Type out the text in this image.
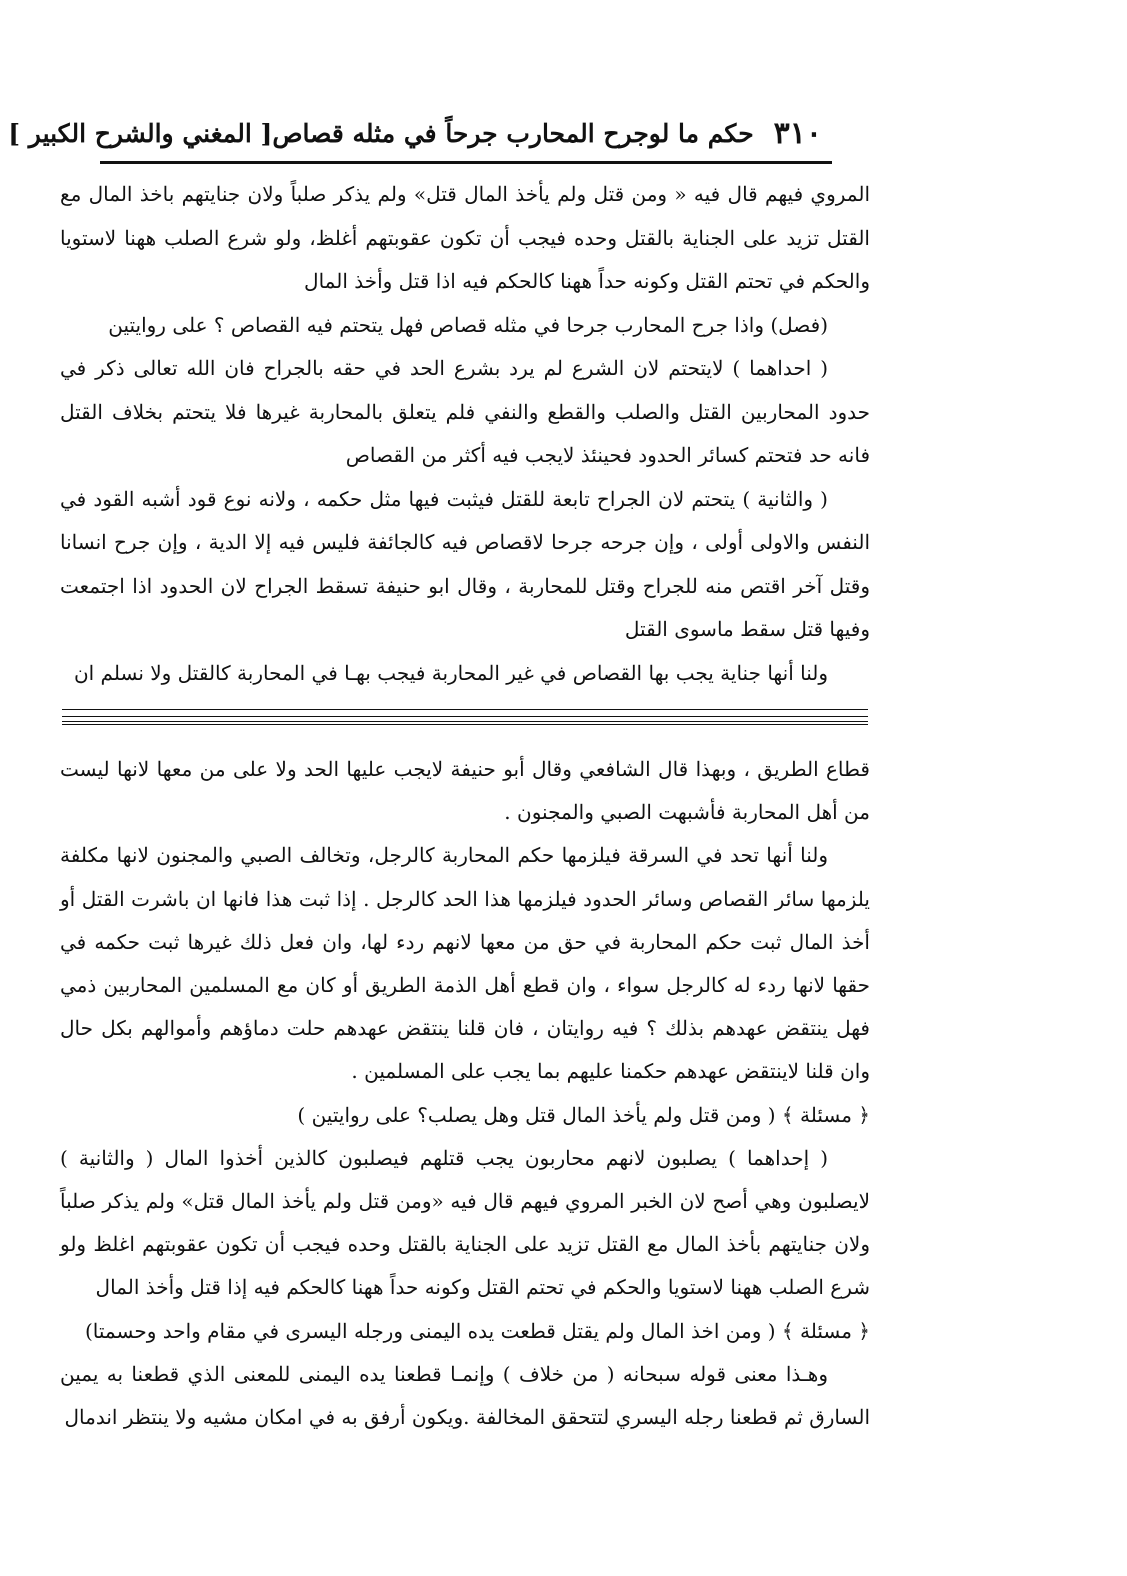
٣١٠
حكم ما لوجرح المحارب جرحاً في مثله قصاص
[ المغني والشرح الكبير ]

المروي فيهم قال فيه « ومن قتل ولم يأخذ المال قتل» ولم يذكر صلباً ولان جنايتهم باخذ المال مع القتل تزيد على الجناية بالقتل وحده فيجب أن تكون عقوبتهم أغلظ، ولو شرع الصلب ههنا لاستويا والحكم في تحتم القتل وكونه حداً ههنا كالحكم فيه اذا قتل وأخذ المال

(فصل) واذا جرح المحارب جرحا في مثله قصاص فهل يتحتم فيه القصاص ؟ على روايتين

( احداهما ) لايتحتم لان الشرع لم يرد بشرع الحد في حقه بالجراح فان الله تعالى ذكر في حدود المحاربين القتل والصلب والقطع والنفي فلم يتعلق بالمحاربة غيرها فلا يتحتم بخلاف القتل فانه حد فتحتم كسائر الحدود فحينئذ لايجب فيه أكثر من القصاص

( والثانية ) يتحتم لان الجراح تابعة للقتل فيثبت فيها مثل حكمه ، ولانه نوع قود أشبه القود في النفس والاولى أولى ، وإن جرحه جرحا لاقصاص فيه كالجائفة فليس فيه إلا الدية ، وإن جرح انسانا وقتل آخر اقتص منه للجراح وقتل للمحاربة ، وقال ابو حنيفة تسقط الجراح لان الحدود اذا اجتمعت وفيها قتل سقط ماسوى القتل

ولنا أنها جناية يجب بها القصاص في غير المحاربة فيجب بهـا في المحاربة كالقتل ولا نسلم ان

قطاع الطريق ، وبهذا قال الشافعي وقال أبو حنيفة لايجب عليها الحد ولا على من معها لانها ليست من أهل المحاربة فأشبهت الصبي والمجنون .

ولنا أنها تحد في السرقة فيلزمها حكم المحاربة كالرجل، وتخالف الصبي والمجنون لانها مكلفة يلزمها سائر القصاص وسائر الحدود فيلزمها هذا الحد كالرجل . إذا ثبت هذا فانها ان باشرت القتل أو أخذ المال ثبت حكم المحاربة في حق من معها لانهم ردء لها، وان فعل ذلك غيرها ثبت حكمه في حقها لانها ردء له كالرجل سواء ، وان قطع أهل الذمة الطريق أو كان مع المسلمين المحاربين ذمي فهل ينتقض عهدهم بذلك ؟ فيه روايتان ، فان قلنا ينتقض عهدهم حلت دماؤهم وأموالهم بكل حال وان قلنا لاينتقض عهدهم حكمنا عليهم بما يجب على المسلمين .

﴿ مسئلة ﴾ ( ومن قتل ولم يأخذ المال قتل وهل يصلب؟ على روايتين )

( إحداهما ) يصلبون لانهم محاربون يجب قتلهم فيصلبون كالذين أخذوا المال ( والثانية ) لايصلبون وهي أصح لان الخبر المروي فيهم قال فيه «ومن قتل ولم يأخذ المال قتل» ولم يذكر صلباً ولان جنايتهم بأخذ المال مع القتل تزيد على الجناية بالقتل وحده فيجب أن تكون عقوبتهم اغلظ ولو شرع الصلب ههنا لاستويا والحكم في تحتم القتل وكونه حداً ههنا كالحكم فيه إذا قتل وأخذ المال

﴿ مسئلة ﴾ ( ومن اخذ المال ولم يقتل قطعت يده اليمنى ورجله اليسرى في مقام واحد وحسمتا)

وهـذا معنى قوله سبحانه ( من خلاف ) وإنمـا قطعنا يده اليمنى للمعنى الذي قطعنا به يمين السارق ثم قطعنا رجله اليسري لتتحقق المخالفة .ويكون أرفق به في امكان مشيه ولا ينتظر اندمال
